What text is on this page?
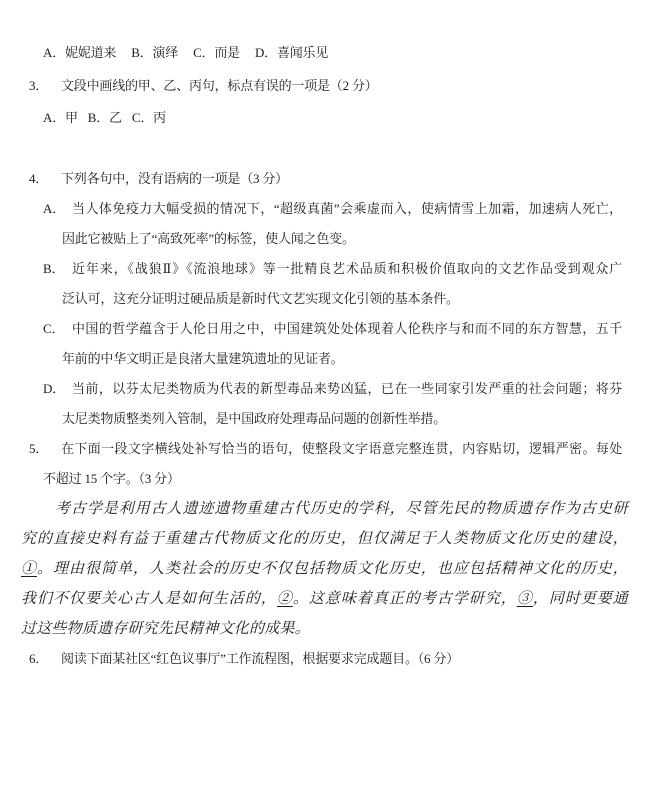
A．妮妮道来 B．演绎 C．而是 D．喜闻乐见
3． 文段中画线的甲、乙、丙句，标点有误的一项是（2 分）
A．甲 B．乙 C．丙
4． 下列各句中，没有语病的一项是（3 分）
A． 当人体免疫力大幅受损的情况下，“超级真菌”会乘虚而入，使病情雪上加霜，加速病人死亡，
因此它被贴上了“高致死率”的标签，使人闻之色变。
B． 近年来，《战狼Ⅱ》《流浪地球》等一批精良艺术品质和积极价值取向的文艺作品受到观众广
泛认可，这充分证明过硬品质是新时代文艺实现文化引领的基本条件。
C． 中国的哲学蕴含于人伦日用之中，中国建筑处处体现着人伦秩序与和而不同的东方智慧，五千
年前的中华文明正是良渚大量建筑遗址的见证者。
D． 当前，以芬太尼类物质为代表的新型毒品来势凶猛，已在一些同家引发严重的社会问题；将芬
太尼类物质整类列入管制，是中国政府处理毒品问题的创新性举措。
5． 在下面一段文字横线处补写恰当的语句，使整段文字语意完整连贯，内容贴切，逻辑严密。每处
不超过 15 个字。（3 分）
考古学是利用古人遗迹遗物重建古代历史的学科，尽管先民的物质遗存作为古史研
究的直接史料有益于重建古代物质文化的历史，但仅满足于人类物质文化历史的建设，
①。理由很简单，人类社会的历史不仅包括物质文化历史，也应包括精神文化的历史，
我们不仅要关心古人是如何生活的，②。这意味着真正的考古学研究，③，同时更要通
过这些物质遗存研究先民精神文化的成果。
6． 阅读下面某社区“红色议事厅”工作流程图，根据要求完成题目。（6 分）
